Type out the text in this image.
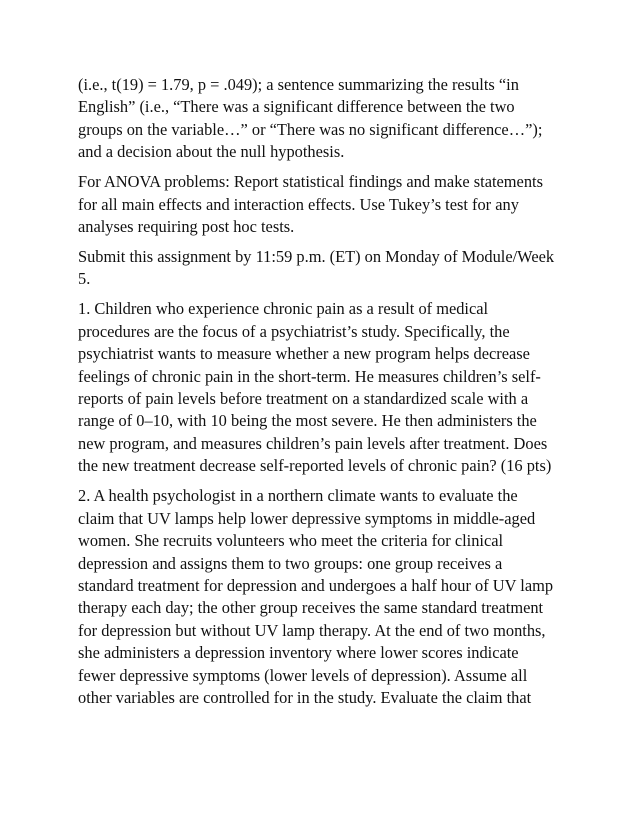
(i.e., t(19) = 1.79, p = .049); a sentence summarizing the results “in
English” (i.e., “There was a significant difference between the two
groups on the variable…” or “There was no significant difference…”);
and a decision about the null hypothesis.

For ANOVA problems: Report statistical findings and make statements
for all main effects and interaction effects. Use Tukey’s test for any
analyses requiring post hoc tests.

Submit this assignment by 11:59 p.m. (ET) on Monday of Module/Week
5.

1. Children who experience chronic pain as a result of medical
procedures are the focus of a psychiatrist’s study. Specifically, the
psychiatrist wants to measure whether a new program helps decrease
feelings of chronic pain in the short-term. He measures children’s self-
reports of pain levels before treatment on a standardized scale with a
range of 0–10, with 10 being the most severe. He then administers the
new program, and measures children’s pain levels after treatment. Does
the new treatment decrease self-reported levels of chronic pain? (16 pts)

2. A health psychologist in a northern climate wants to evaluate the
claim that UV lamps help lower depressive symptoms in middle-aged
women. She recruits volunteers who meet the criteria for clinical
depression and assigns them to two groups: one group receives a
standard treatment for depression and undergoes a half hour of UV lamp
therapy each day; the other group receives the same standard treatment
for depression but without UV lamp therapy. At the end of two months,
she administers a depression inventory where lower scores indicate
fewer depressive symptoms (lower levels of depression). Assume all
other variables are controlled for in the study. Evaluate the claim that
